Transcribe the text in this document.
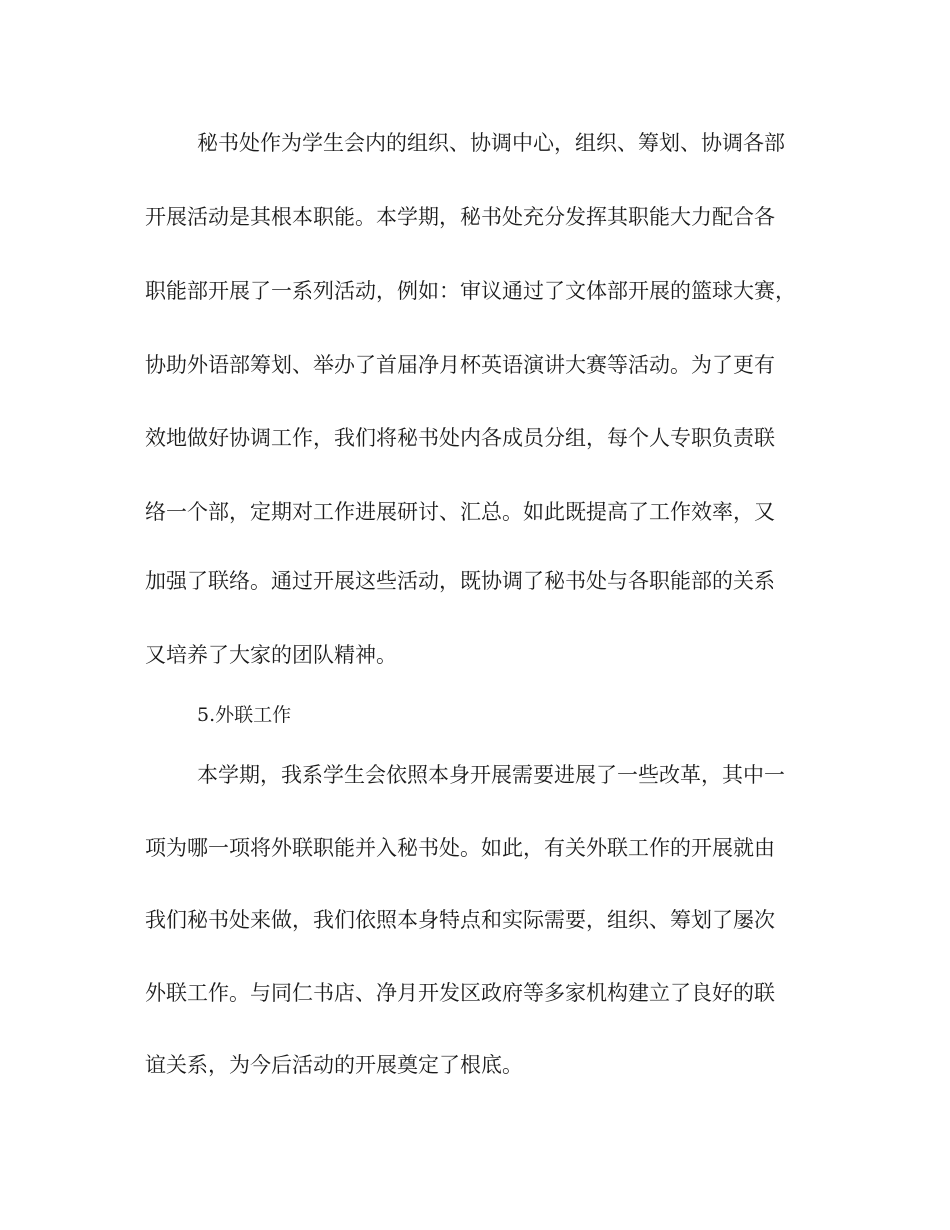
秘书处作为学生会内的组织、协调中心，组织、筹划、协调各部
开展活动是其根本职能。本学期，秘书处充分发挥其职能大力配合各
职能部开展了一系列活动，例如：审议通过了文体部开展的篮球大赛，
协助外语部筹划、举办了首届净月杯英语演讲大赛等活动。为了更有
效地做好协调工作，我们将秘书处内各成员分组，每个人专职负责联
络一个部，定期对工作进展研讨、汇总。如此既提高了工作效率，又
加强了联络。通过开展这些活动，既协调了秘书处与各职能部的关系
又培养了大家的团队精神。
5.外联工作
本学期，我系学生会依照本身开展需要进展了一些改革，其中一
项为哪一项将外联职能并入秘书处。如此，有关外联工作的开展就由
我们秘书处来做，我们依照本身特点和实际需要，组织、筹划了屡次
外联工作。与同仁书店、净月开发区政府等多家机构建立了良好的联
谊关系，为今后活动的开展奠定了根底。
